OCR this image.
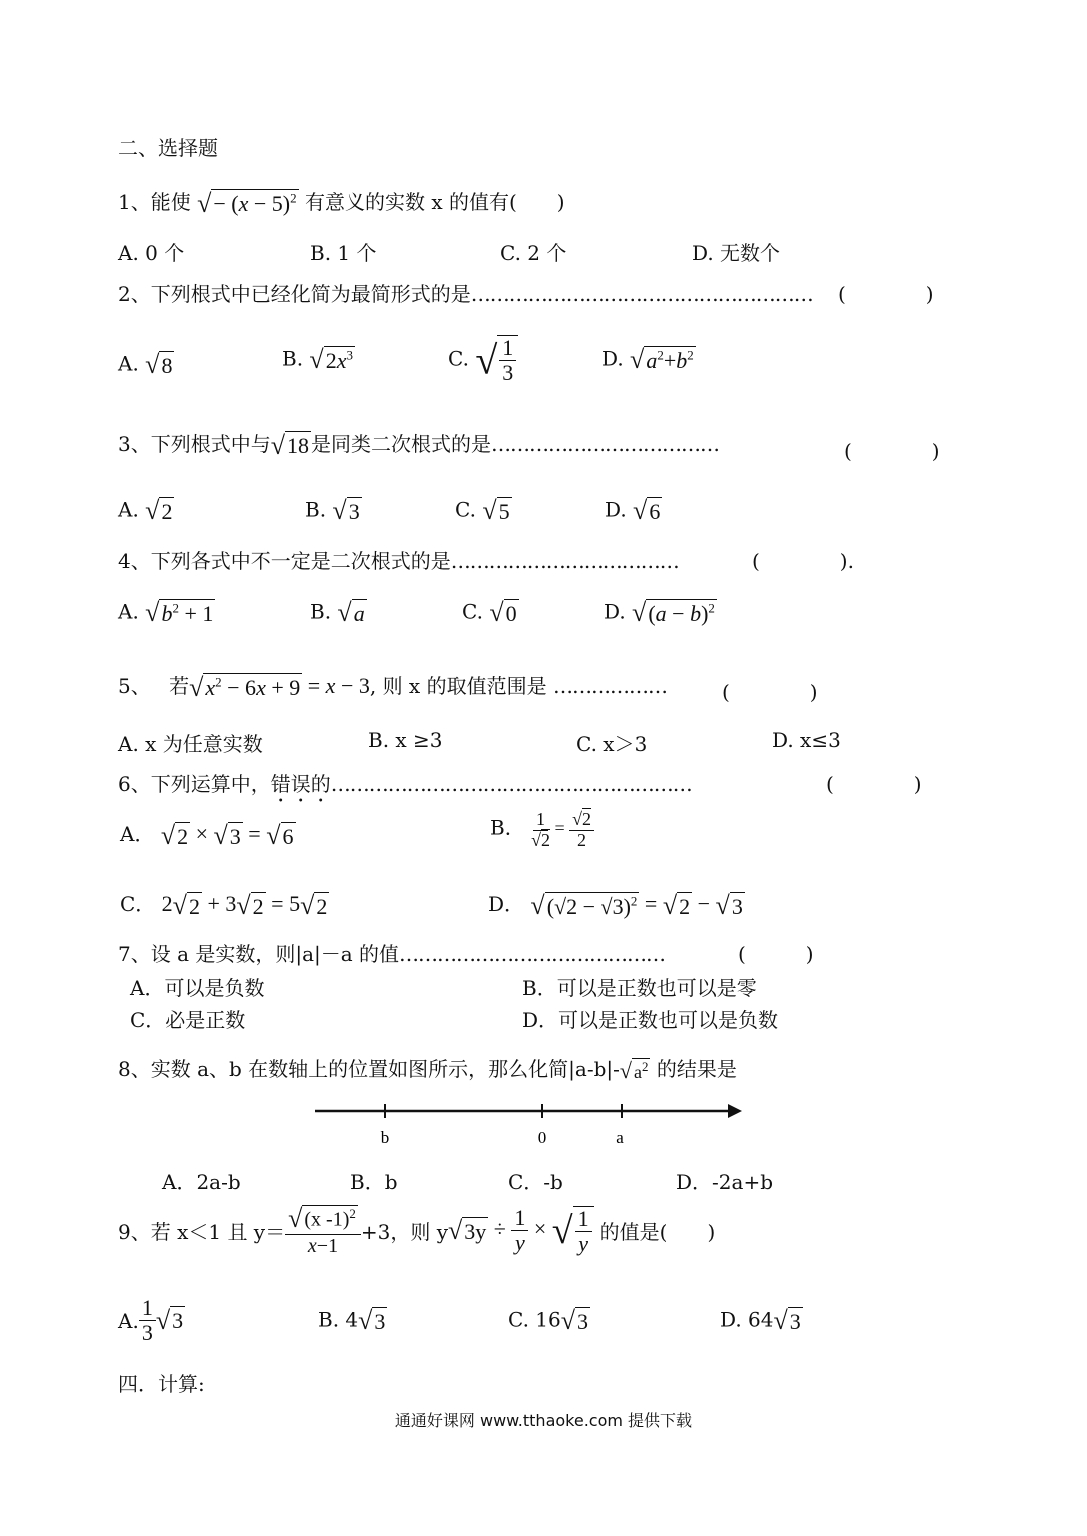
二、选择题
1、能使 √− $(x - 5)^2$ 有意义的实数 x 的值有(　　)
A. 0 个	B. 1 个	C. 2 个	D. 无数个
2、下列根式中已经化简为最简形式的是……………………………………………… (　　　　)
A. √8	B. $√2x^3$	C. √ $\frac{1}{3}$	D. $√a^2+b^2$
3、下列根式中与√18 是同类二次根式的是………………………………	(　　　　)
A. √2	B. √3	C. √5	D. √6
4、下列各式中不一定是二次根式的是………………………………	(　　　　).
A. $√b^2 + 1$	B. √a	C. √0	D. $√(a - b)^2$
5、 若$√x^2 - 6x + 9 = x - 3$, 则 x 的取值范围是 ………………	(　　　　)
A. x 为任意实数	B. x ≥3	C. x＞3	D. x≤3
6、下列运算中，错误的…………………………………………………	(　　　　)
A． √2 × √3 = √6	B． $\frac{1}{√2} = \frac{√2}{2}$
C． 2√2 + 3√2 = 5√2	D． $√(√2 - √3)^2 = √2 - √3$
7、设 a 是实数，则|a|－a 的值……………………………………	(　　　)
A．可以是负数	B．可以是正数也可以是零
C．必是正数	D．可以是正数也可以是负数
8、实数 a、b 在数轴上的位置如图所示，那么化简|a-b|-√ $a^2$ 的结果是
b	0	a
A．2a-b	B．b	C．-b	D．-2a+b
9、若 x＜1 且 $y= \frac{√ (x -1)^2}{x-1} +3$，则 y $√3y \div \frac{1}{y}$ × √ $\frac{1}{y}$ 的值是(　　)
A. $\frac{1}{3} √3$	B. 4√3	C. 16√3	D. 64√3
四．计算:
通通好课网 www.tthaoke.com 提供下载
